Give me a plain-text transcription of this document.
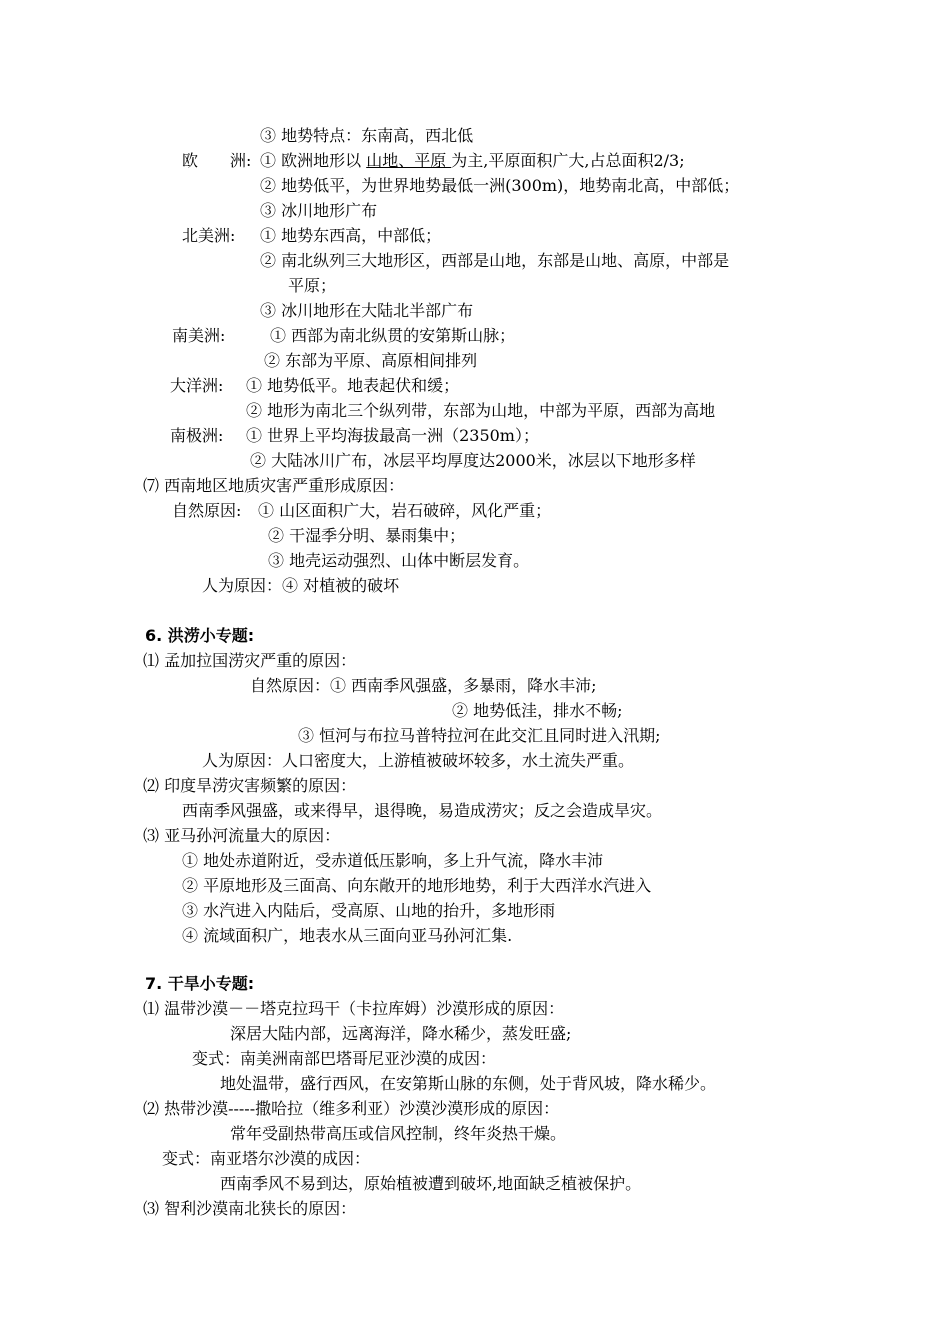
③ 地势特点：东南高，西北低
欧　　洲: ① 欧洲地形以 山地、平原 为主,平原面积广大,占总面积2/3;
② 地势低平，为世界地势最低一洲(300m)，地势南北高，中部低；
③ 冰川地形广布
北美洲: ① 地势东西高，中部低；
② 南北纵列三大地形区，西部是山地，东部是山地、高原，中部是
平原；
③ 冰川地形在大陆北半部广布
南美洲:	① 西部为南北纵贯的安第斯山脉；
② 东部为平原、高原相间排列
大洋洲: ① 地势低平。地表起伏和缓；
② 地形为南北三个纵列带，东部为山地，中部为平原，西部为高地
南极洲: ① 世界上平均海拔最高一洲（2350m）；
② 大陆冰川广布，冰层平均厚度达2000米，冰层以下地形多样
⑺ 西南地区地质灾害严重形成原因：
自然原因: ① 山区面积广大，岩石破碎，风化严重；
② 干湿季分明、暴雨集中；
③ 地壳运动强烈、山体中断层发育。
人为原因：④ 对植被的破坏
6. 洪涝小专题:
⑴ 孟加拉国涝灾严重的原因：
自然原因：① 西南季风强盛，多暴雨，降水丰沛;
② 地势低洼，排水不畅;
③ 恒河与布拉马普特拉河在此交汇且同时进入汛期;
人为原因：人口密度大，上游植被破坏较多，水土流失严重。
⑵ 印度旱涝灾害频繁的原因：
西南季风强盛，或来得早，退得晚，易造成涝灾；反之会造成旱灾。
⑶ 亚马孙河流量大的原因：
① 地处赤道附近，受赤道低压影响，多上升气流，降水丰沛
② 平原地形及三面高、向东敞开的地形地势，利于大西洋水汽进入
③ 水汽进入内陆后，受高原、山地的抬升，多地形雨
④ 流域面积广，地表水从三面向亚马孙河汇集.
7. 干旱小专题:
⑴ 温带沙漠－－塔克拉玛干（卡拉库姆）沙漠形成的原因：
深居大陆内部，远离海洋，降水稀少，蒸发旺盛;
变式：南美洲南部巴塔哥尼亚沙漠的成因：
地处温带，盛行西风，在安第斯山脉的东侧，处于背风坡，降水稀少。
⑵ 热带沙漠-----撒哈拉（维多利亚）沙漠沙漠形成的原因：
常年受副热带高压或信风控制，终年炎热干燥。
变式：南亚塔尔沙漠的成因：
西南季风不易到达，原始植被遭到破坏,地面缺乏植被保护。
⑶ 智利沙漠南北狭长的原因：
